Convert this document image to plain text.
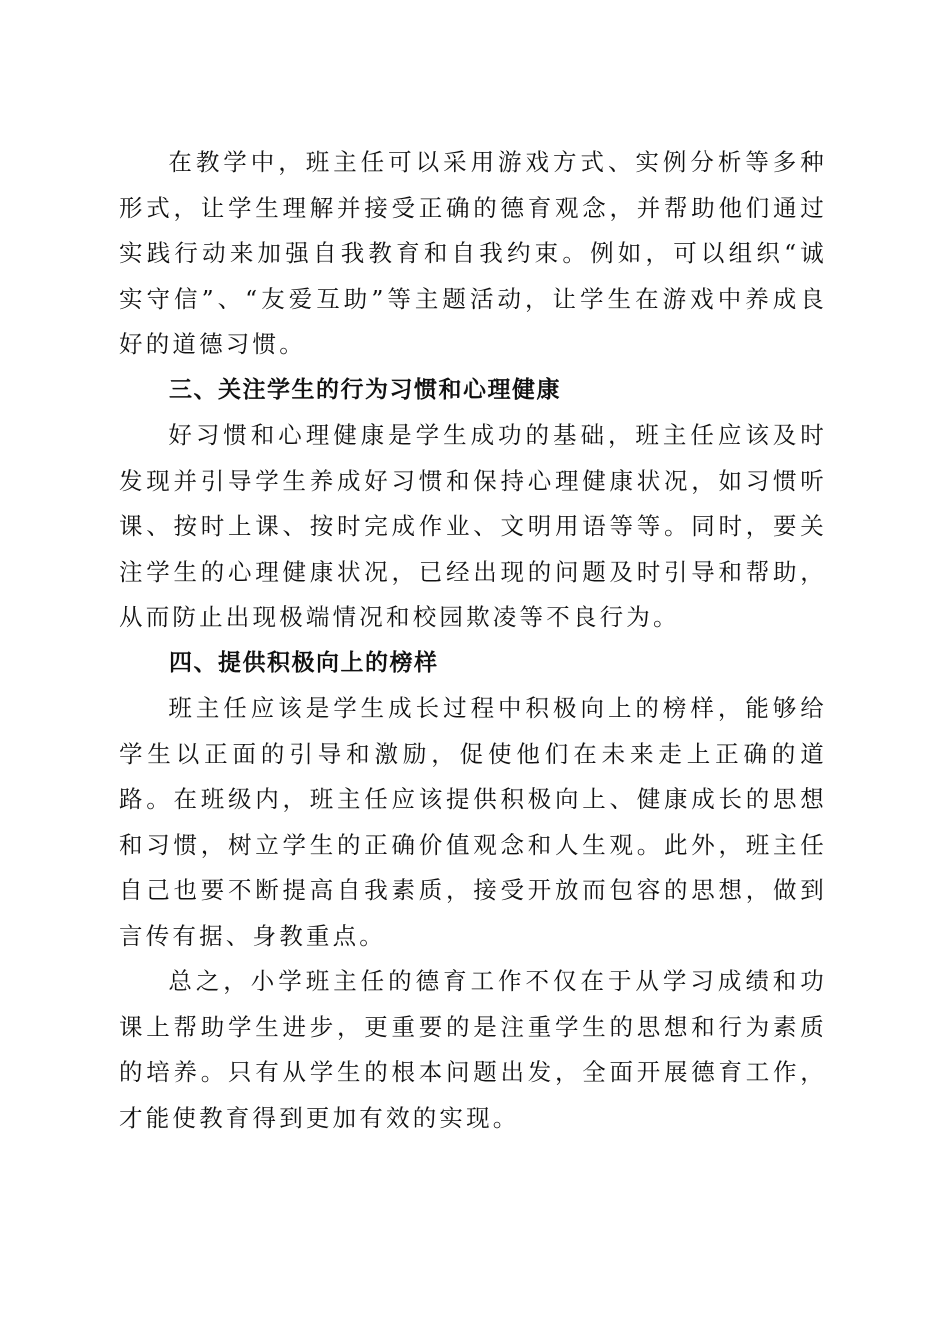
在教学中，班主任可以采用游戏方式、实例分析等多种形式，让学生理解并接受正确的德育观念，并帮助他们通过实践行动来加强自我教育和自我约束。例如，可以组织“诚实守信”、“友爱互助”等主题活动，让学生在游戏中养成良好的道德习惯。

三、关注学生的行为习惯和心理健康

好习惯和心理健康是学生成功的基础，班主任应该及时发现并引导学生养成好习惯和保持心理健康状况，如习惯听课、按时上课、按时完成作业、文明用语等等。同时，要关注学生的心理健康状况，已经出现的问题及时引导和帮助，从而防止出现极端情况和校园欺凌等不良行为。

四、提供积极向上的榜样

班主任应该是学生成长过程中积极向上的榜样，能够给学生以正面的引导和激励，促使他们在未来走上正确的道路。在班级内，班主任应该提供积极向上、健康成长的思想和习惯，树立学生的正确价值观念和人生观。此外，班主任自己也要不断提高自我素质，接受开放而包容的思想，做到言传有据、身教重点。

总之，小学班主任的德育工作不仅在于从学习成绩和功课上帮助学生进步，更重要的是注重学生的思想和行为素质的培养。只有从学生的根本问题出发，全面开展德育工作，才能使教育得到更加有效的实现。
